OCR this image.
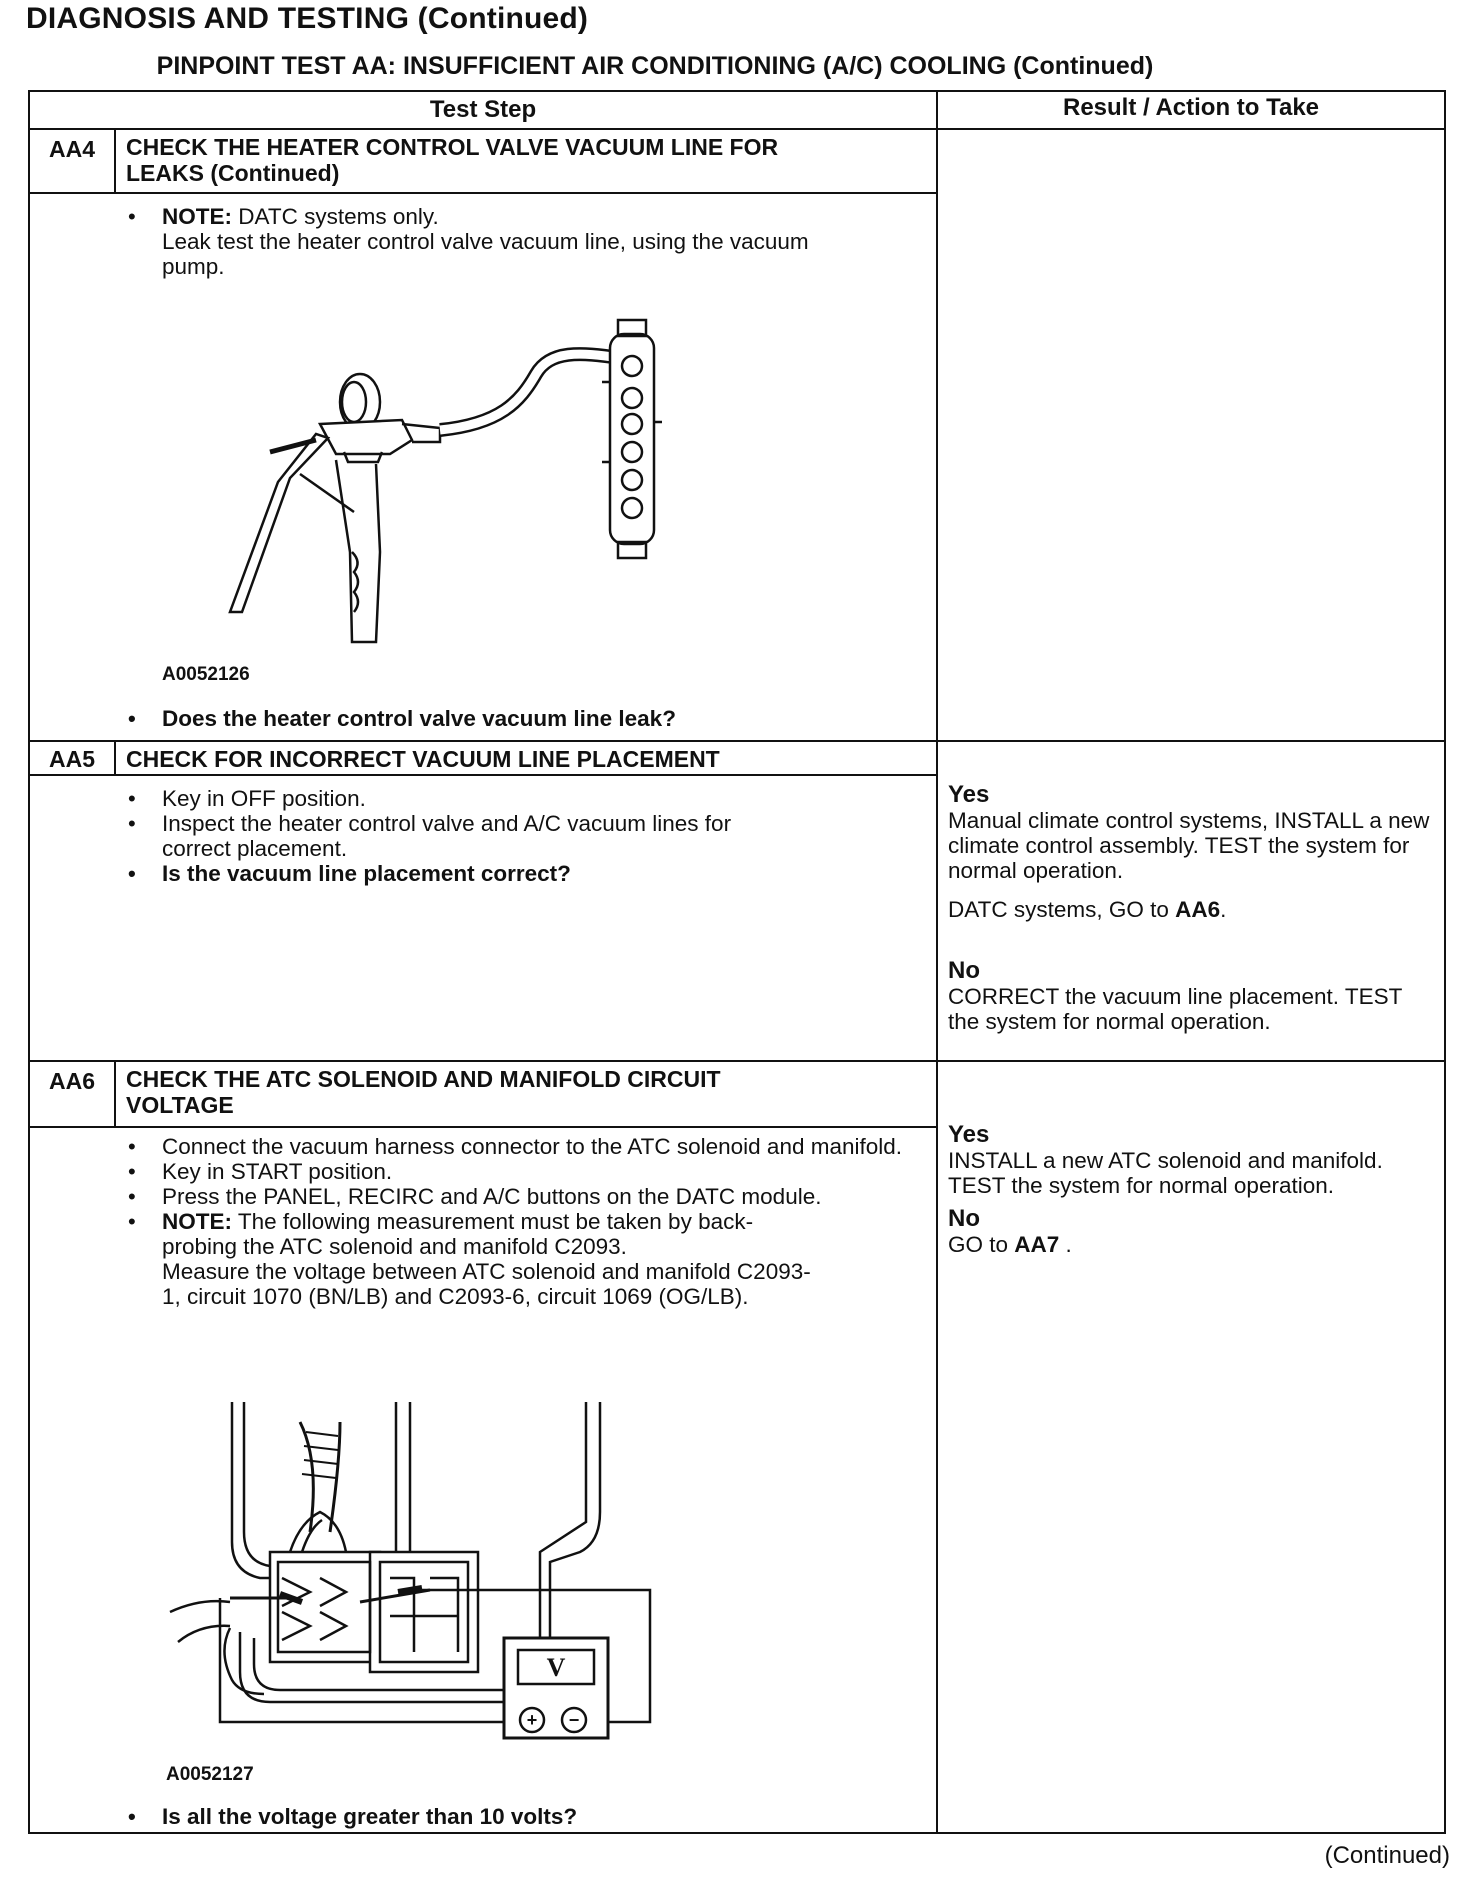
DIAGNOSIS AND TESTING (Continued)
PINPOINT TEST AA: INSUFFICIENT AIR CONDITIONING (A/C) COOLING (Continued)
Test Step	Result / Action to Take
AA4	CHECK THE HEATER CONTROL VALVE VACUUM LINE FOR
LEAKS (Continued)
• NOTE: DATC systems only.
Leak test the heater control valve vacuum line, using the vacuum pump.
A0052126
• Does the heater control valve vacuum line leak?
AA5	CHECK FOR INCORRECT VACUUM LINE PLACEMENT
• Key in OFF position.
• Inspect the heater control valve and A/C vacuum lines for correct placement.
• Is the vacuum line placement correct?
Yes
Manual climate control systems, INSTALL a new climate control assembly. TEST the system for normal operation.
DATC systems, GO to AA6.
No
CORRECT the vacuum line placement. TEST the system for normal operation.
AA6	CHECK THE ATC SOLENOID AND MANIFOLD CIRCUIT
VOLTAGE
• Connect the vacuum harness connector to the ATC solenoid and manifold.
• Key in START position.
• Press the PANEL, RECIRC and A/C buttons on the DATC module.
• NOTE: The following measurement must be taken by back-probing the ATC solenoid and manifold C2093.
Measure the voltage between ATC solenoid and manifold C2093-1, circuit 1070 (BN/LB) and C2093-6, circuit 1069 (OG/LB).
V
+ −
A0052127
• Is all the voltage greater than 10 volts?
Yes
INSTALL a new ATC solenoid and manifold. TEST the system for normal operation.
No
GO to AA7 .
(Continued)
